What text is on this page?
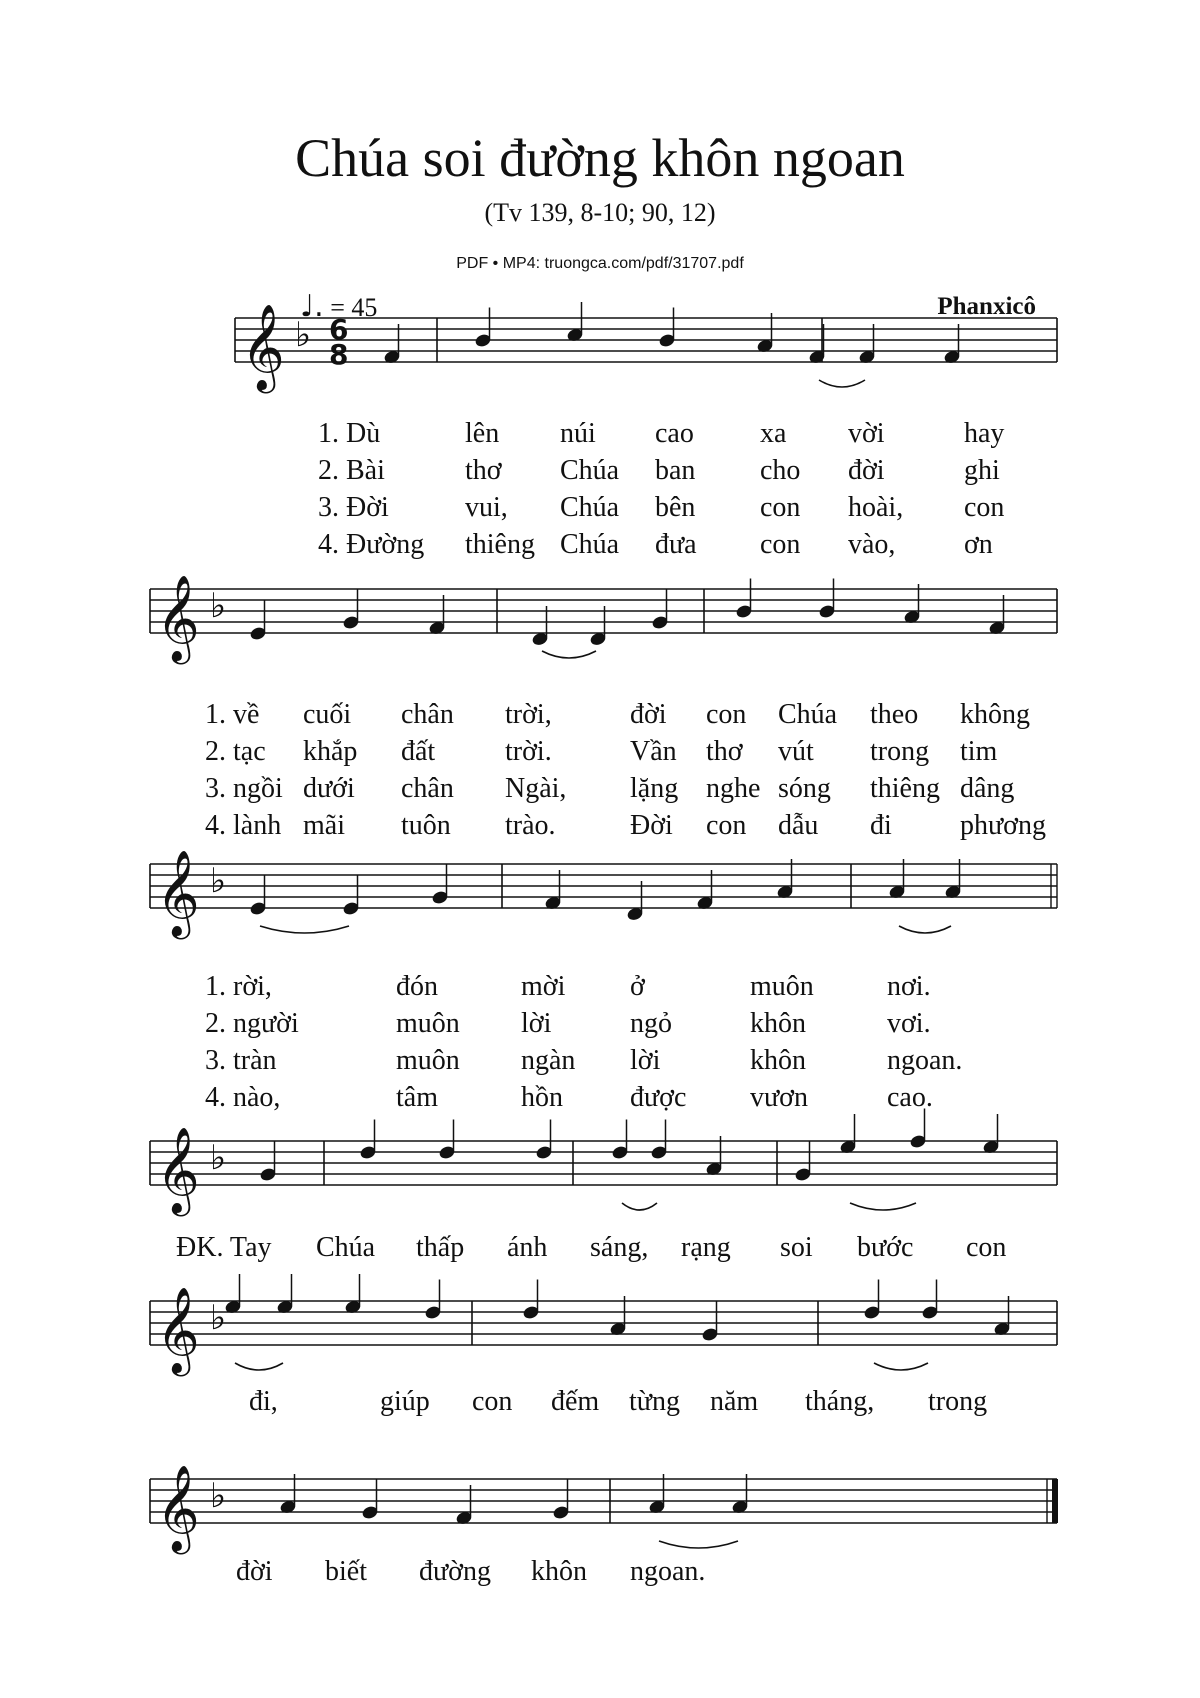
Chúa soi đường khôn ngoan
(Tv 139, 8-10; 90, 12)
PDF • MP4: truongca.com/pdf/31707.pdf
♩. = 45	Phanxicô
𝄞 ♭ 6
8
𝄞 ♭
𝄞 ♭
𝄞 ♭
𝄞 ♭
𝄞 ♭
1. Dù	lên núi cao xa vời	hay
2. Bài	thơ Chúa ban cho đời	ghi
3. Đời	vui, Chúa bên con hoài, con
4. Đường thiêng Chúa đưa con vào, ơn
1. về cuối chân trời,	đời con Chúa theo không
2. tạc khắp đất trời.	Vần thơ vút trong tim
3. ngồi dưới chân Ngài, lặng nghe sóng thiêng dâng
4. lành mãi tuôn trào.	Đời con dẫu đi phương
1. rời,	đón	mời ở	muôn	nơi.
2. người	muôn lời	ngỏ	khôn	vơi.
3. tràn	muôn ngàn lời	khôn	ngoan.
4. nào,	tâm	hồn được vươn	cao.
ĐK. Tay Chúa thấp ánh sáng, rạng soi bước con
đi,	giúp con đếm từng năm tháng, trong
đời biết đường khôn ngoan.
